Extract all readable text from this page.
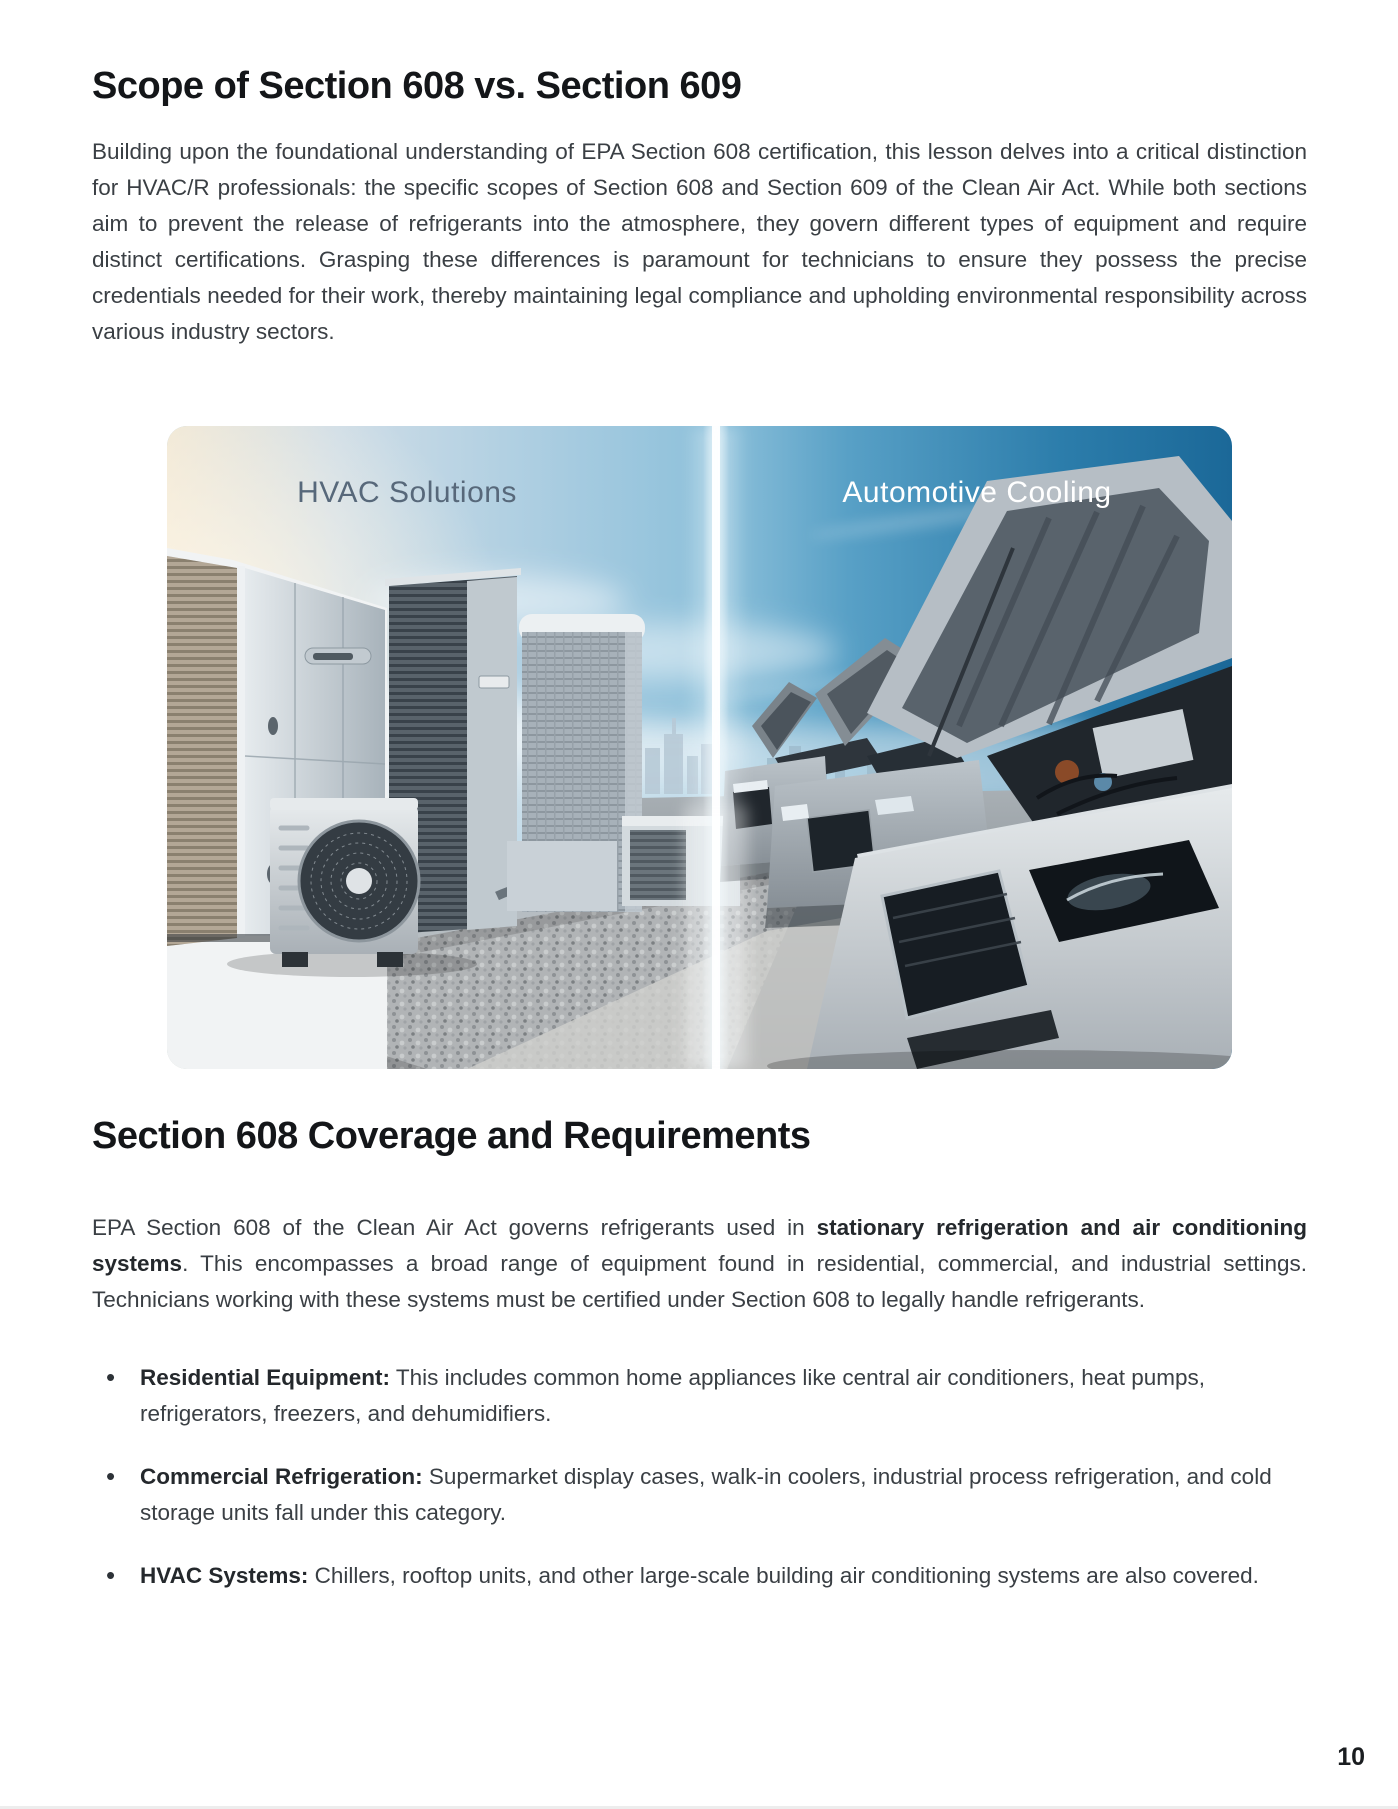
Scope of Section 608 vs. Section 609

Building upon the foundational understanding of EPA Section 608 certification, this lesson delves into a critical distinction for HVAC/R professionals: the specific scopes of Section 608 and Section 609 of the Clean Air Act. While both sections aim to prevent the release of refrigerants into the atmosphere, they govern different types of equipment and require distinct certifications. Grasping these differences is paramount for technicians to ensure they possess the precise credentials needed for their work, thereby maintaining legal compliance and upholding environmental responsibility across various industry sectors.

HVAC Solutions	Automotive Cooling
Section 608 Coverage and Requirements

EPA Section 608 of the Clean Air Act governs refrigerants used in stationary refrigeration and air conditioning systems. This encompasses a broad range of equipment found in residential, commercial, and industrial settings. Technicians working with these systems must be certified under Section 608 to legally handle refrigerants.

• Residential Equipment: This includes common home appliances like central air conditioners, heat pumps, refrigerators, freezers, and dehumidifiers.
• Commercial Refrigeration: Supermarket display cases, walk-in coolers, industrial process refrigeration, and cold storage units fall under this category.
• HVAC Systems: Chillers, rooftop units, and other large-scale building air conditioning systems are also covered.
10
